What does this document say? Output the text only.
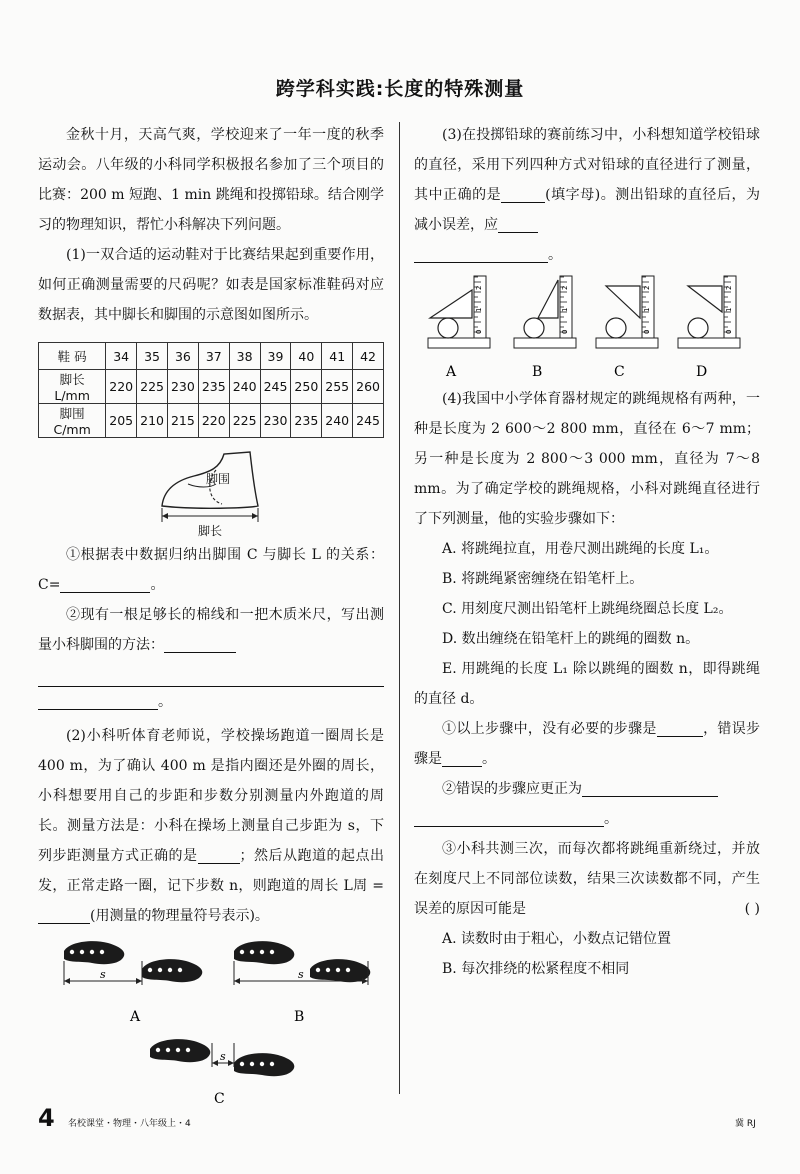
跨学科实践:长度的特殊测量

金秋十月，天高气爽，学校迎来了一年一度的秋季运动会。八年级的小科同学积极报名参加了三个项目的比赛：200 m 短跑、1 min 跳绳和投掷铅球。结合刚学习的物理知识，帮忙小科解决下列问题。

(1)一双合适的运动鞋对于比赛结果起到重要作用，如何正确测量需要的尺码呢？如表是国家标准鞋码对应数据表，其中脚长和脚围的示意图如图所示。

鞋 码	34	35	36	37	38	39	40	41	42
脚长 L/mm	220	225	230	235	240	245	250	255	260
脚围 C/mm	205	210	215	220	225	230	235	240	245
脚围
脚长

①根据表中数据归纳出脚围 C 与脚长 L 的关系：C=	。

②现有一根足够长的棉线和一把木质米尺，写出测量小科脚围的方法：

。

(2)小科听体育老师说，学校操场跑道一圈周长是 400 m，为了确认 400 m 是指内圈还是外圈的周长，小科想要用自己的步距和步数分别测量内外跑道的周长。测量方法是：小科在操场上测量自己步距为 s，下列步距测量方式正确的是	；然后从跑道的起点出发，正常走路一圈，记下步数 n，则跑道的周长 L周 =(用测量的物理量符号表示)。

s	s
s
A	B
C

(3)在投掷铅球的赛前练习中，小科想知道学校铅球的直径，采用下列四种方式对铅球的直径进行了测量，其中正确的是	(填字母)。测出铅球的直径后，为减小误差，应

。

0
1
2
A
0
1
2
B
0
1
2
C
0
1
2
D

(4)我国中小学体育器材规定的跳绳规格有两种，一种是长度为 2 600～2 800 mm，直径在 6～7 mm；另一种是长度为 2 800～3 000 mm，直径为 7～8 mm。为了确定学校的跳绳规格，小科对跳绳直径进行了下列测量，他的实验步骤如下：

A. 将跳绳拉直，用卷尺测出跳绳的长度 L₁。

B. 将跳绳紧密缠绕在铅笔杆上。

C. 用刻度尺测出铅笔杆上跳绳绕圈总长度 L₂。

D. 数出缠绕在铅笔杆上的跳绳的圈数 n。

E. 用跳绳的长度 L₁ 除以跳绳的圈数 n，即得跳绳的直径 d。

①以上步骤中，没有必要的步骤是	，错误步骤是	。

②错误的步骤应更正为

。

③小科共测三次，而每次都将跳绳重新绕过，并放在刻度尺上不同部位读数，结果三次读数都不同，产生误差的原因可能是	( )

A. 读数时由于粗心，小数点记错位置

B. 每次排绕的松紧程度不相同

4 名校课堂・物理・八年级上・4	冀 RJ
